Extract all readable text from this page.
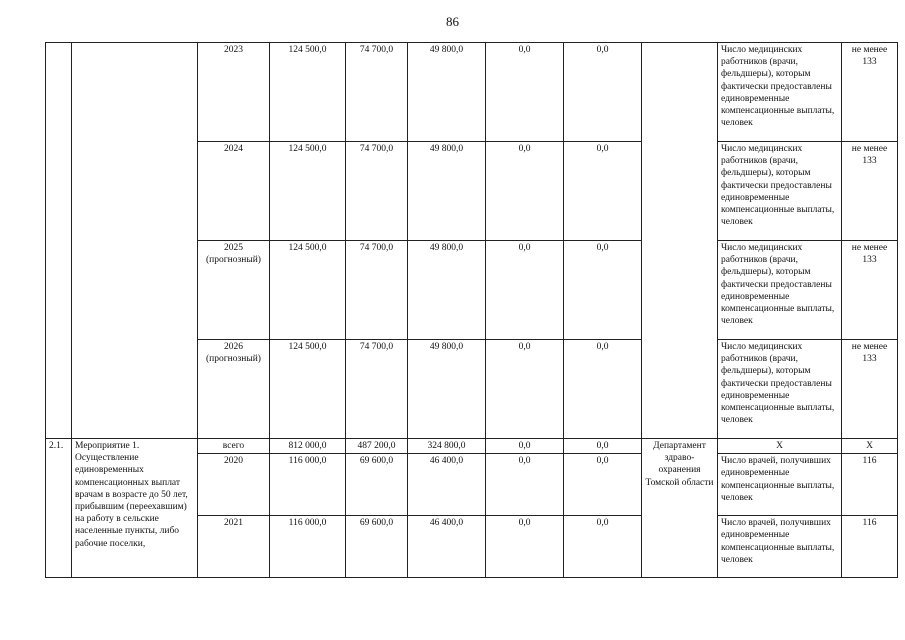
86
		2023	124 500,0	74 700,0	49 800,0	0,0	0,0		Число медицинских работников (врачи, фельдшеры), которым фактически предоставлены единовременные компенсационные выплаты, человек	не менее 133
		2024	124 500,0	74 700,0	49 800,0	0,0	0,0		Число медицинских работников (врачи, фельдшеры), которым фактически предоставлены единовременные компенсационные выплаты, человек	не менее 133
		2025 (прогнозный)	124 500,0	74 700,0	49 800,0	0,0	0,0		Число медицинских работников (врачи, фельдшеры), которым фактически предоставлены единовременные компенсационные выплаты, человек	не менее 133
		2026 (прогнозный)	124 500,0	74 700,0	49 800,0	0,0	0,0		Число медицинских работников (врачи, фельдшеры), которым фактически предоставлены единовременные компенсационные выплаты, человек	не менее 133
2.1.	Мероприятие 1. Осуществление единовременных компенсационных выплат врачам в возрасте до 50 лет, прибывшим (переехавшим) на работу в сельские населенные пункты, либо рабочие поселки,	всего	812 000,0	487 200,0	324 800,0	0,0	0,0	Департамент здраво-охранения Томской области	X	X
		2020	116 000,0	69 600,0	46 400,0	0,0	0,0		Число врачей, получивших единовременные компенсационные выплаты, человек	116
		2021	116 000,0	69 600,0	46 400,0	0,0	0,0		Число врачей, получивших единовременные компенсационные выплаты, человек	116
